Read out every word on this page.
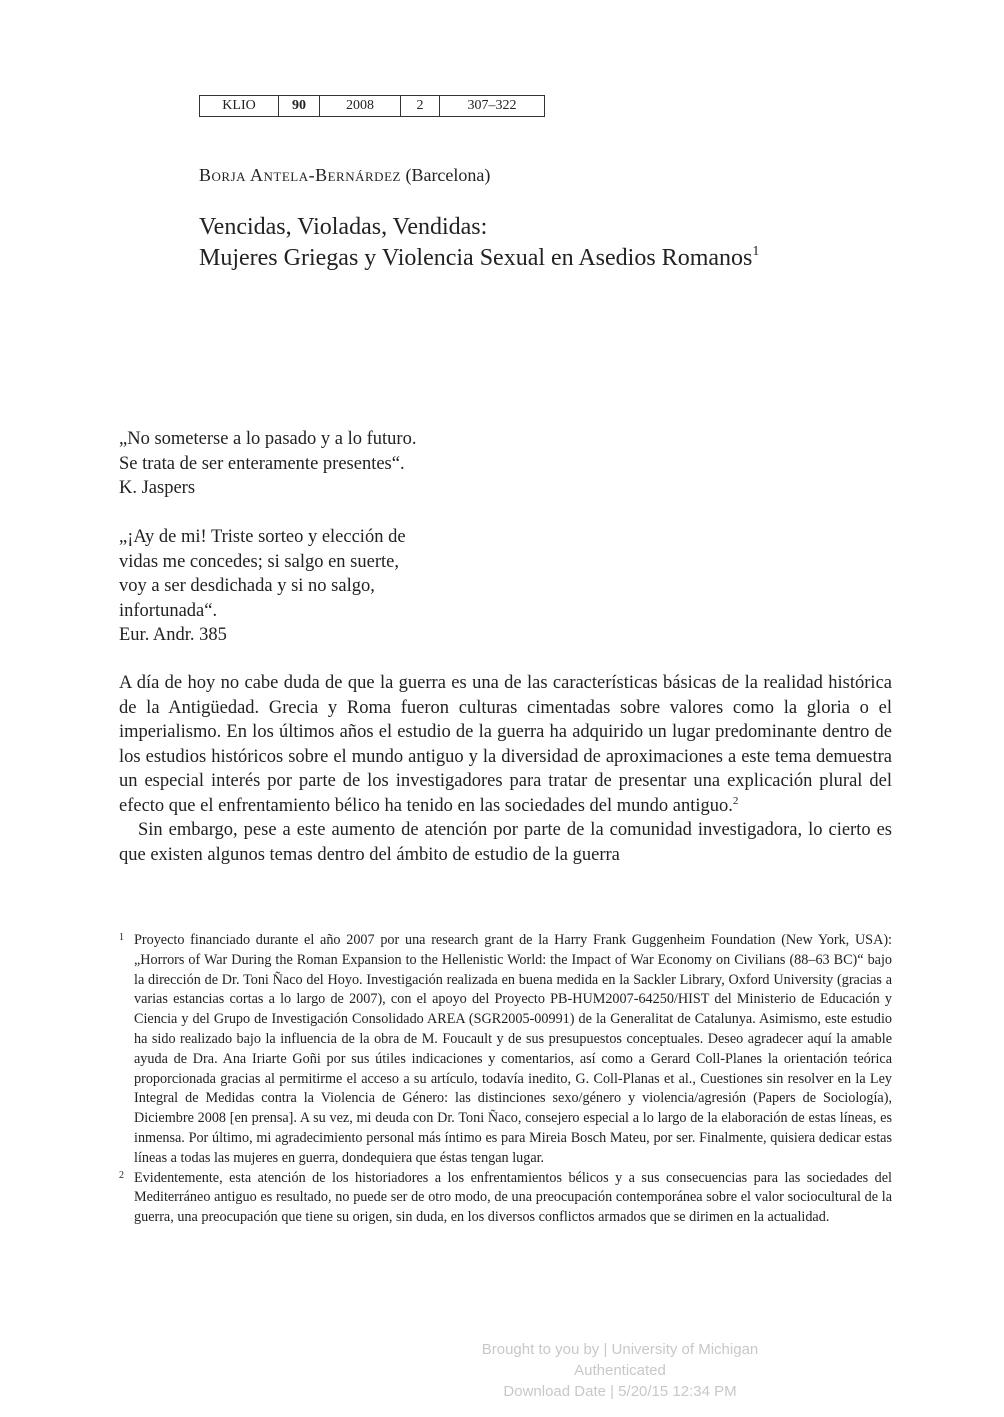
KLIO	90	2008	2	307–322
Borja Antela-Bernárdez (Barcelona)
Vencidas, Violadas, Vendidas:
Mujeres Griegas y Violencia Sexual en Asedios Romanos$^1$
„No someterse a lo pasado y a lo futuro.
Se trata de ser enteramente presentes“.
K. Jaspers
„¡Ay de mi! Triste sorteo y elección de
vidas me concedes; si salgo en suerte,
voy a ser desdichada y si no salgo,
infortunada“.
Eur. Andr. 385

A día de hoy no cabe duda de que la guerra es una de las características básicas de la realidad histórica de la Antigüedad. Grecia y Roma fueron culturas cimentadas sobre valores como la gloria o el imperialismo. En los últimos años el estudio de la guerra ha adquirido un lugar predominante dentro de los estudios históricos sobre el mundo antiguo y la diversidad de aproximaciones a este tema demuestra un especial interés por parte de los investigadores para tratar de presentar una explicación plural del efecto que el enfrentamiento bélico ha tenido en las sociedades del mundo antiguo.$^2$

Sin embargo, pese a este aumento de atención por parte de la comunidad investigadora, lo cierto es que existen algunos temas dentro del ámbito de estudio de la guerra

1 Proyecto financiado durante el año 2007 por una research grant de la Harry Frank Guggenheim Foundation (New York, USA): „Horrors of War During the Roman Expansion to the Hellenistic World: the Impact of War Economy on Civilians (88–63 BC)“ bajo la dirección de Dr. Toni Ñaco del Hoyo. Investigación realizada en buena medida en la Sackler Library, Oxford University (gracias a varias estancias cortas a lo largo de 2007), con el apoyo del Proyecto PB-HUM2007-64250/HIST del Ministerio de Educación y Ciencia y del Grupo de Investigación Consolidado AREA (SGR2005-00991) de la Generalitat de Catalunya. Asimismo, este estudio ha sido realizado bajo la influencia de la obra de M. Foucault y de sus presupuestos conceptuales. Deseo agradecer aquí la amable ayuda de Dra. Ana Iriarte Goñi por sus útiles indicaciones y comentarios, así como a Gerard Coll-Planes la orientación teórica proporcionada gracias al permitirme el acceso a su artículo, todavía inedito, G. Coll-Planas et al., Cuestiones sin resolver en la Ley Integral de Medidas contra la Violencia de Género: las distinciones sexo/género y violencia/agresión (Papers de Sociología), Diciembre 2008 [en prensa]. A su vez, mi deuda con Dr. Toni Ñaco, consejero especial a lo largo de la elaboración de estas líneas, es inmensa. Por último, mi agradecimiento personal más íntimo es para Mireia Bosch Mateu, por ser. Finalmente, quisiera dedicar estas líneas a todas las mujeres en guerra, dondequiera que éstas tengan lugar.
2 Evidentemente, esta atención de los historiadores a los enfrentamientos bélicos y a sus consecuencias para las sociedades del Mediterráneo antiguo es resultado, no puede ser de otro modo, de una preocupación contemporánea sobre el valor sociocultural de la guerra, una preocupación que tiene su origen, sin duda, en los diversos conflictos armados que se dirimen en la actualidad.
Brought to you by | University of Michigan
Authenticated
Download Date | 5/20/15 12:34 PM
